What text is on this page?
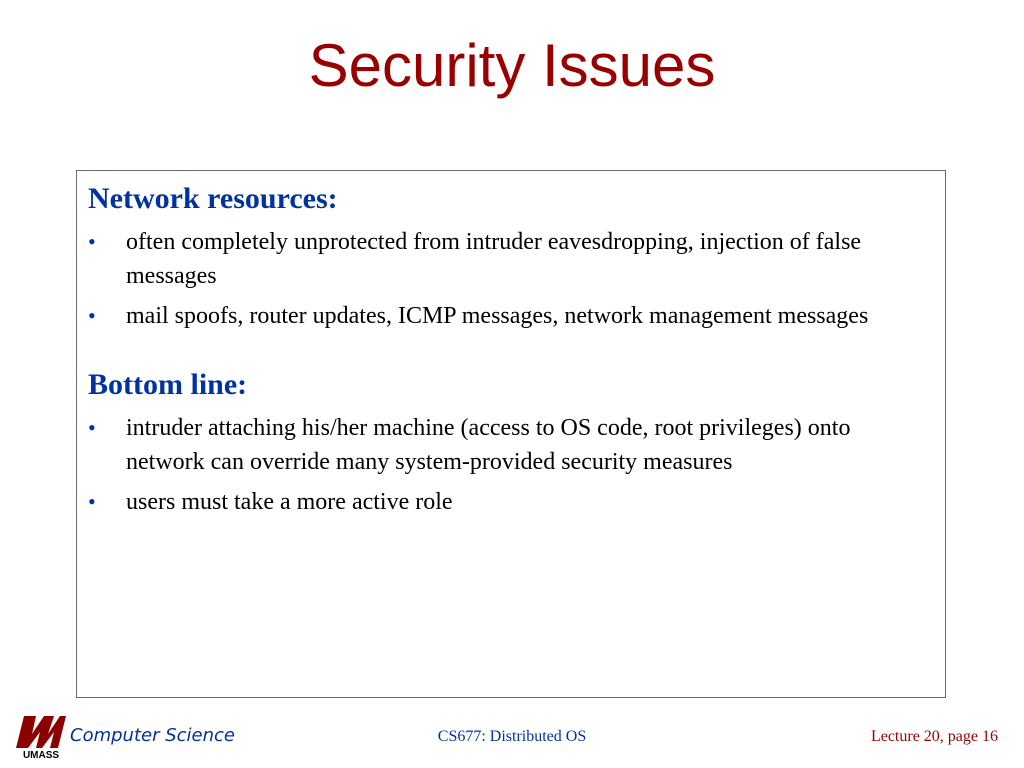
Security Issues
Network resources:
• often completely unprotected from intruder eavesdropping, injection of false messages
• mail spoofs, router updates, ICMP messages, network management messages
Bottom line:
• intruder attaching his/her machine (access to OS code, root privileges) onto network can override many system-provided security measures
• users must take a more active role
UMASS
Computer Science	CS677: Distributed OS	Lecture 20, page 16
